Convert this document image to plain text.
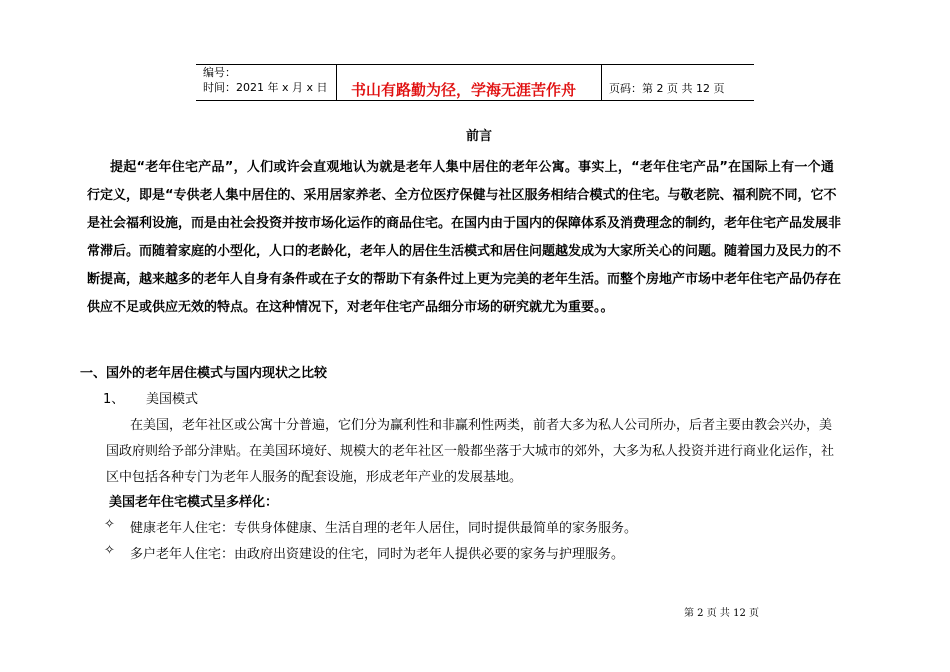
编号：
时间：2021 年 x 月 x 日 书山有路勤为径，学海无涯苦作舟	页码：第 2 页 共 12 页
前言
提起“老年住宅产品”，人们或许会直观地认为就是老年人集中居住的老年公寓。事实上，“老年住宅产品”在国际上有一个通
行定义，即是“专供老人集中居住的、采用居家养老、全方位医疗保健与社区服务相结合模式的住宅。与敬老院、福利院不同，它不
是社会福利设施，而是由社会投资并按市场化运作的商品住宅。在国内由于国内的保障体系及消费理念的制约，老年住宅产品发展非
常滞后。而随着家庭的小型化，人口的老龄化，老年人的居住生活模式和居住问题越发成为大家所关心的问题。随着国力及民力的不
断提高，越来越多的老年人自身有条件或在子女的帮助下有条件过上更为完美的老年生活。而整个房地产市场中老年住宅产品仍存在
供应不足或供应无效的特点。在这种情况下，对老年住宅产品细分市场的研究就尤为重要。。
一、国外的老年居住模式与国内现状之比较
1、 美国模式
在美国，老年社区或公寓十分普遍，它们分为赢利性和非赢利性两类，前者大多为私人公司所办，后者主要由教会兴办，美
国政府则给予部分津贴。在美国环境好、规模大的老年社区一般都坐落于大城市的郊外，大多为私人投资并进行商业化运作，社
区中包括各种专门为老年人服务的配套设施，形成老年产业的发展基地。
美国老年住宅模式呈多样化：
✧ 健康老年人住宅：专供身体健康、生活自理的老年人居住，同时提供最简单的家务服务。
✧ 多户老年人住宅：由政府出资建设的住宅，同时为老年人提供必要的家务与护理服务。
第 2 页 共 12 页
